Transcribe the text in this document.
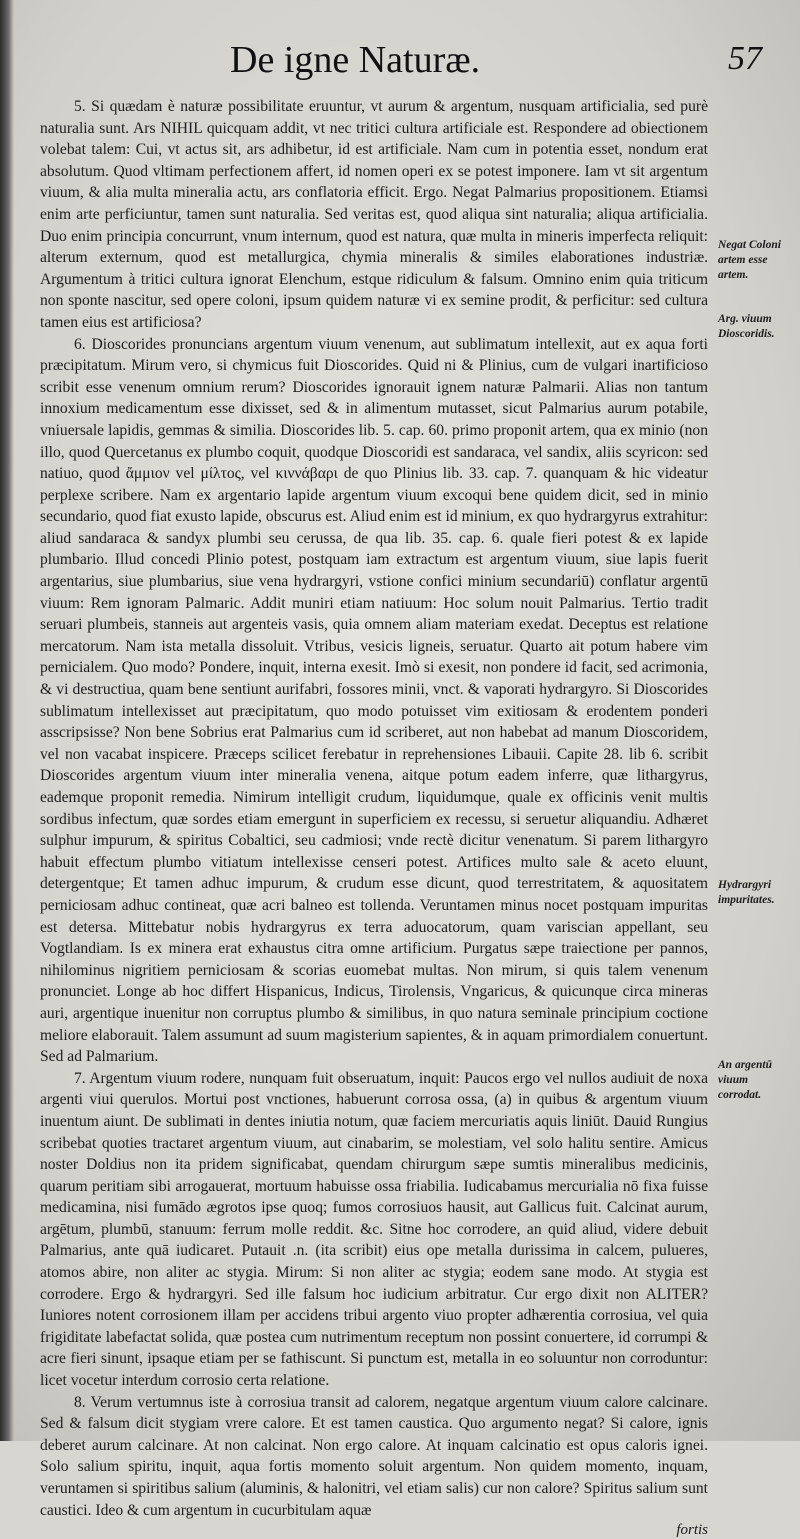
De igne Naturæ.	57

5. Si quædam è naturæ possibilitate eruuntur, vt aurum & argentum, nusquam artificialia, sed purè naturalia sunt. Ars NIHIL quicquam addit, vt nec tritici cultura artificiale est. Respondere ad obiectionem volebat talem: Cui, vt actus sit, ars adhibetur, id est artificiale. Nam cum in potentia esset, nondum erat absolutum. Quod vltimam perfectionem affert, id nomen operi ex se potest imponere. Iam vt sit argentum viuum, & alia multa mineralia actu, ars conflatoria efficit. Ergo. Negat Palmarius propositionem. Etiamsi enim arte perficiuntur, tamen sunt naturalia. Sed veritas est, quod aliqua sint naturalia; aliqua artificialia. Duo enim principia concurrunt, vnum internum, quod est natura, quæ multa in mineris imperfecta reliquit: alterum externum, quod est metallurgica, chymia mineralis & similes elaborationes industriæ. Argumentum à tritici cultura ignorat Elenchum, estque ridiculum & falsum. Omnino enim quia triticum non sponte nascitur, sed opere coloni, ipsum quidem naturæ vi ex semine prodit, & perficitur: sed cultura tamen eius est artificiosa?

6. Dioscorides pronuncians argentum viuum venenum, aut sublimatum intellexit, aut ex aqua forti præcipitatum. Mirum vero, si chymicus fuit Dioscorides. Quid ni & Plinius, cum de vulgari inartificioso scribit esse venenum omnium rerum? Dioscorides ignorauit ignem naturæ Palmarii. Alias non tantum innoxium medicamentum esse dixisset, sed & in alimentum mutasset, sicut Palmarius aurum potabile, vniuersale lapidis, gemmas & similia. Dioscorides lib. 5. cap. 60. primo proponit artem, qua ex minio (non illo, quod Quercetanus ex plumbo coquit, quodque Dioscoridi est sandaraca, vel sandix, aliis scyricon: sed natiuo, quod ἄμμιον vel μίλτος, vel κιννάβαρι de quo Plinius lib. 33. cap. 7. quanquam & hic videatur perplexe scribere. Nam ex argentario lapide argentum viuum excoqui bene quidem dicit, sed in minio secundario, quod fiat exusto lapide, obscurus est. Aliud enim est id minium, ex quo hydrargyrus extrahitur: aliud sandaraca & sandyx plumbi seu cerussa, de qua lib. 35. cap. 6. quale fieri potest & ex lapide plumbario. Illud concedi Plinio potest, postquam iam extractum est argentum viuum, siue lapis fuerit argentarius, siue plumbarius, siue vena hydrargyri, vstione confici minium secundariū) conflatur argentū viuum: Rem ignoram Palmaric. Addit muniri etiam natiuum: Hoc solum nouit Palmarius. Tertio tradit seruari plumbeis, stanneis aut argenteis vasis, quia omnem aliam materiam exedat. Deceptus est relatione mercatorum. Nam ista metalla dissoluit. Vtribus, vesicis ligneis, seruatur. Quarto ait potum habere vim pernicialem. Quo modo? Pondere, inquit, interna exesit. Imò si exesit, non pondere id facit, sed acrimonia, & vi destructiua, quam bene sentiunt aurifabri, fossores minii, vnct. & vaporati hydrargyro. Si Dioscorides sublimatum intellexisset aut præcipitatum, quo modo potuisset vim exitiosam & erodentem ponderi asscripsisse? Non bene Sobrius erat Palmarius cum id scriberet, aut non habebat ad manum Dioscoridem, vel non vacabat inspicere. Præceps scilicet ferebatur in reprehensiones Libauii. Capite 28. lib 6. scribit Dioscorides argentum viuum inter mineralia venena, aitque potum eadem inferre, quæ lithargyrus, eademque proponit remedia. Nimirum intelligit crudum, liquidumque, quale ex officinis venit multis sordibus infectum, quæ sordes etiam emergunt in superficiem ex recessu, si seruetur aliquandiu. Adhæret sulphur impurum, & spiritus Cobaltici, seu cadmiosi; vnde rectè dicitur venenatum. Si parem lithargyro habuit effectum plumbo vitiatum intellexisse censeri potest. Artifices multo sale & aceto eluunt, detergentque; Et tamen adhuc impurum, & crudum esse dicunt, quod terrestritatem, & aquositatem perniciosam adhuc contineat, quæ acri balneo est tollenda. Veruntamen minus nocet postquam impuritas est detersa. Mittebatur nobis hydrargyrus ex terra aduocatorum, quam variscian appellant, seu Vogtlandiam. Is ex minera erat exhaustus citra omne artificium. Purgatus sæpe traiectione per pannos, nihilominus nigritiem perniciosam & scorias euomebat multas. Non mirum, si quis talem venenum pronunciet. Longe ab hoc differt Hispanicus, Indicus, Tirolensis, Vngaricus, & quicunque circa mineras auri, argentique inuenitur non corruptus plumbo & similibus, in quo natura seminale principium coctione meliore elaborauit. Talem assumunt ad suum magisterium sapientes, & in aquam primordialem conuertunt. Sed ad Palmarium.

7. Argentum viuum rodere, nunquam fuit obseruatum, inquit: Paucos ergo vel nullos audiuit de noxa argenti viui querulos. Mortui post vnctiones, habuerunt corrosa ossa, (a) in quibus & argentum viuum inuentum aiunt. De sublimati in dentes iniutia notum, quæ faciem mercuriatis aquis liniūt. Dauid Rungius scribebat quoties tractaret argentum viuum, aut cinabarim, se molestiam, vel solo halitu sentire. Amicus noster Doldius non ita pridem significabat, quendam chirurgum sæpe sumtis mineralibus medicinis, quarum peritiam sibi arrogauerat, mortuum habuisse ossa friabilia. Iudicabamus mercurialia nō fixa fuisse medicamina, nisi fumādo ægrotos ipse quoq; fumos corrosiuos hausit, aut Gallicus fuit. Calcinat aurum, argētum, plumbū, stanuum: ferrum molle reddit. &c. Sitne hoc corrodere, an quid aliud, videre debuit Palmarius, ante quā iudicaret. Putauit .n. (ita scribit) eius ope metalla durissima in calcem, pulueres, atomos abire, non aliter ac stygia. Mirum: Si non aliter ac stygia; eodem sane modo. At stygia est corrodere. Ergo & hydrargyri. Sed ille falsum hoc iudicium arbitratur. Cur ergo dixit non ALITER? Iuniores notent corrosionem illam per accidens tribui argento viuo propter adhærentia corrosiua, vel quia frigiditate labefactat solida, quæ postea cum nutrimentum receptum non possint conuertere, id corrumpi & acre fieri sinunt, ipsaque etiam per se fathiscunt. Si punctum est, metalla in eo soluuntur non corroduntur: licet vocetur interdum corrosio certa relatione.

8. Verum vertumnus iste à corrosiua transit ad calorem, negatque argentum viuum calore calcinare. Sed & falsum dicit stygiam vrere calore. Et est tamen caustica. Quo argumento negat? Si calore, ignis deberet aurum calcinare. At non calcinat. Non ergo calore. At inquam calcinatio est opus caloris ignei. Solo salium spiritu, inquit, aqua fortis momento soluit argentum. Non quidem momento, inquam, veruntamen si spiritibus salium (aluminis, & halonitri, vel etiam salis) cur non calore? Spiritus salium sunt caustici. Ideo & cum argentum in cucurbitulam aquæ

fortis
Negat Coloni artem esse artem.
Arg. viuum Dioscoridis.
Hydrargyri impuritates.
An argentū viuum corrodat.
